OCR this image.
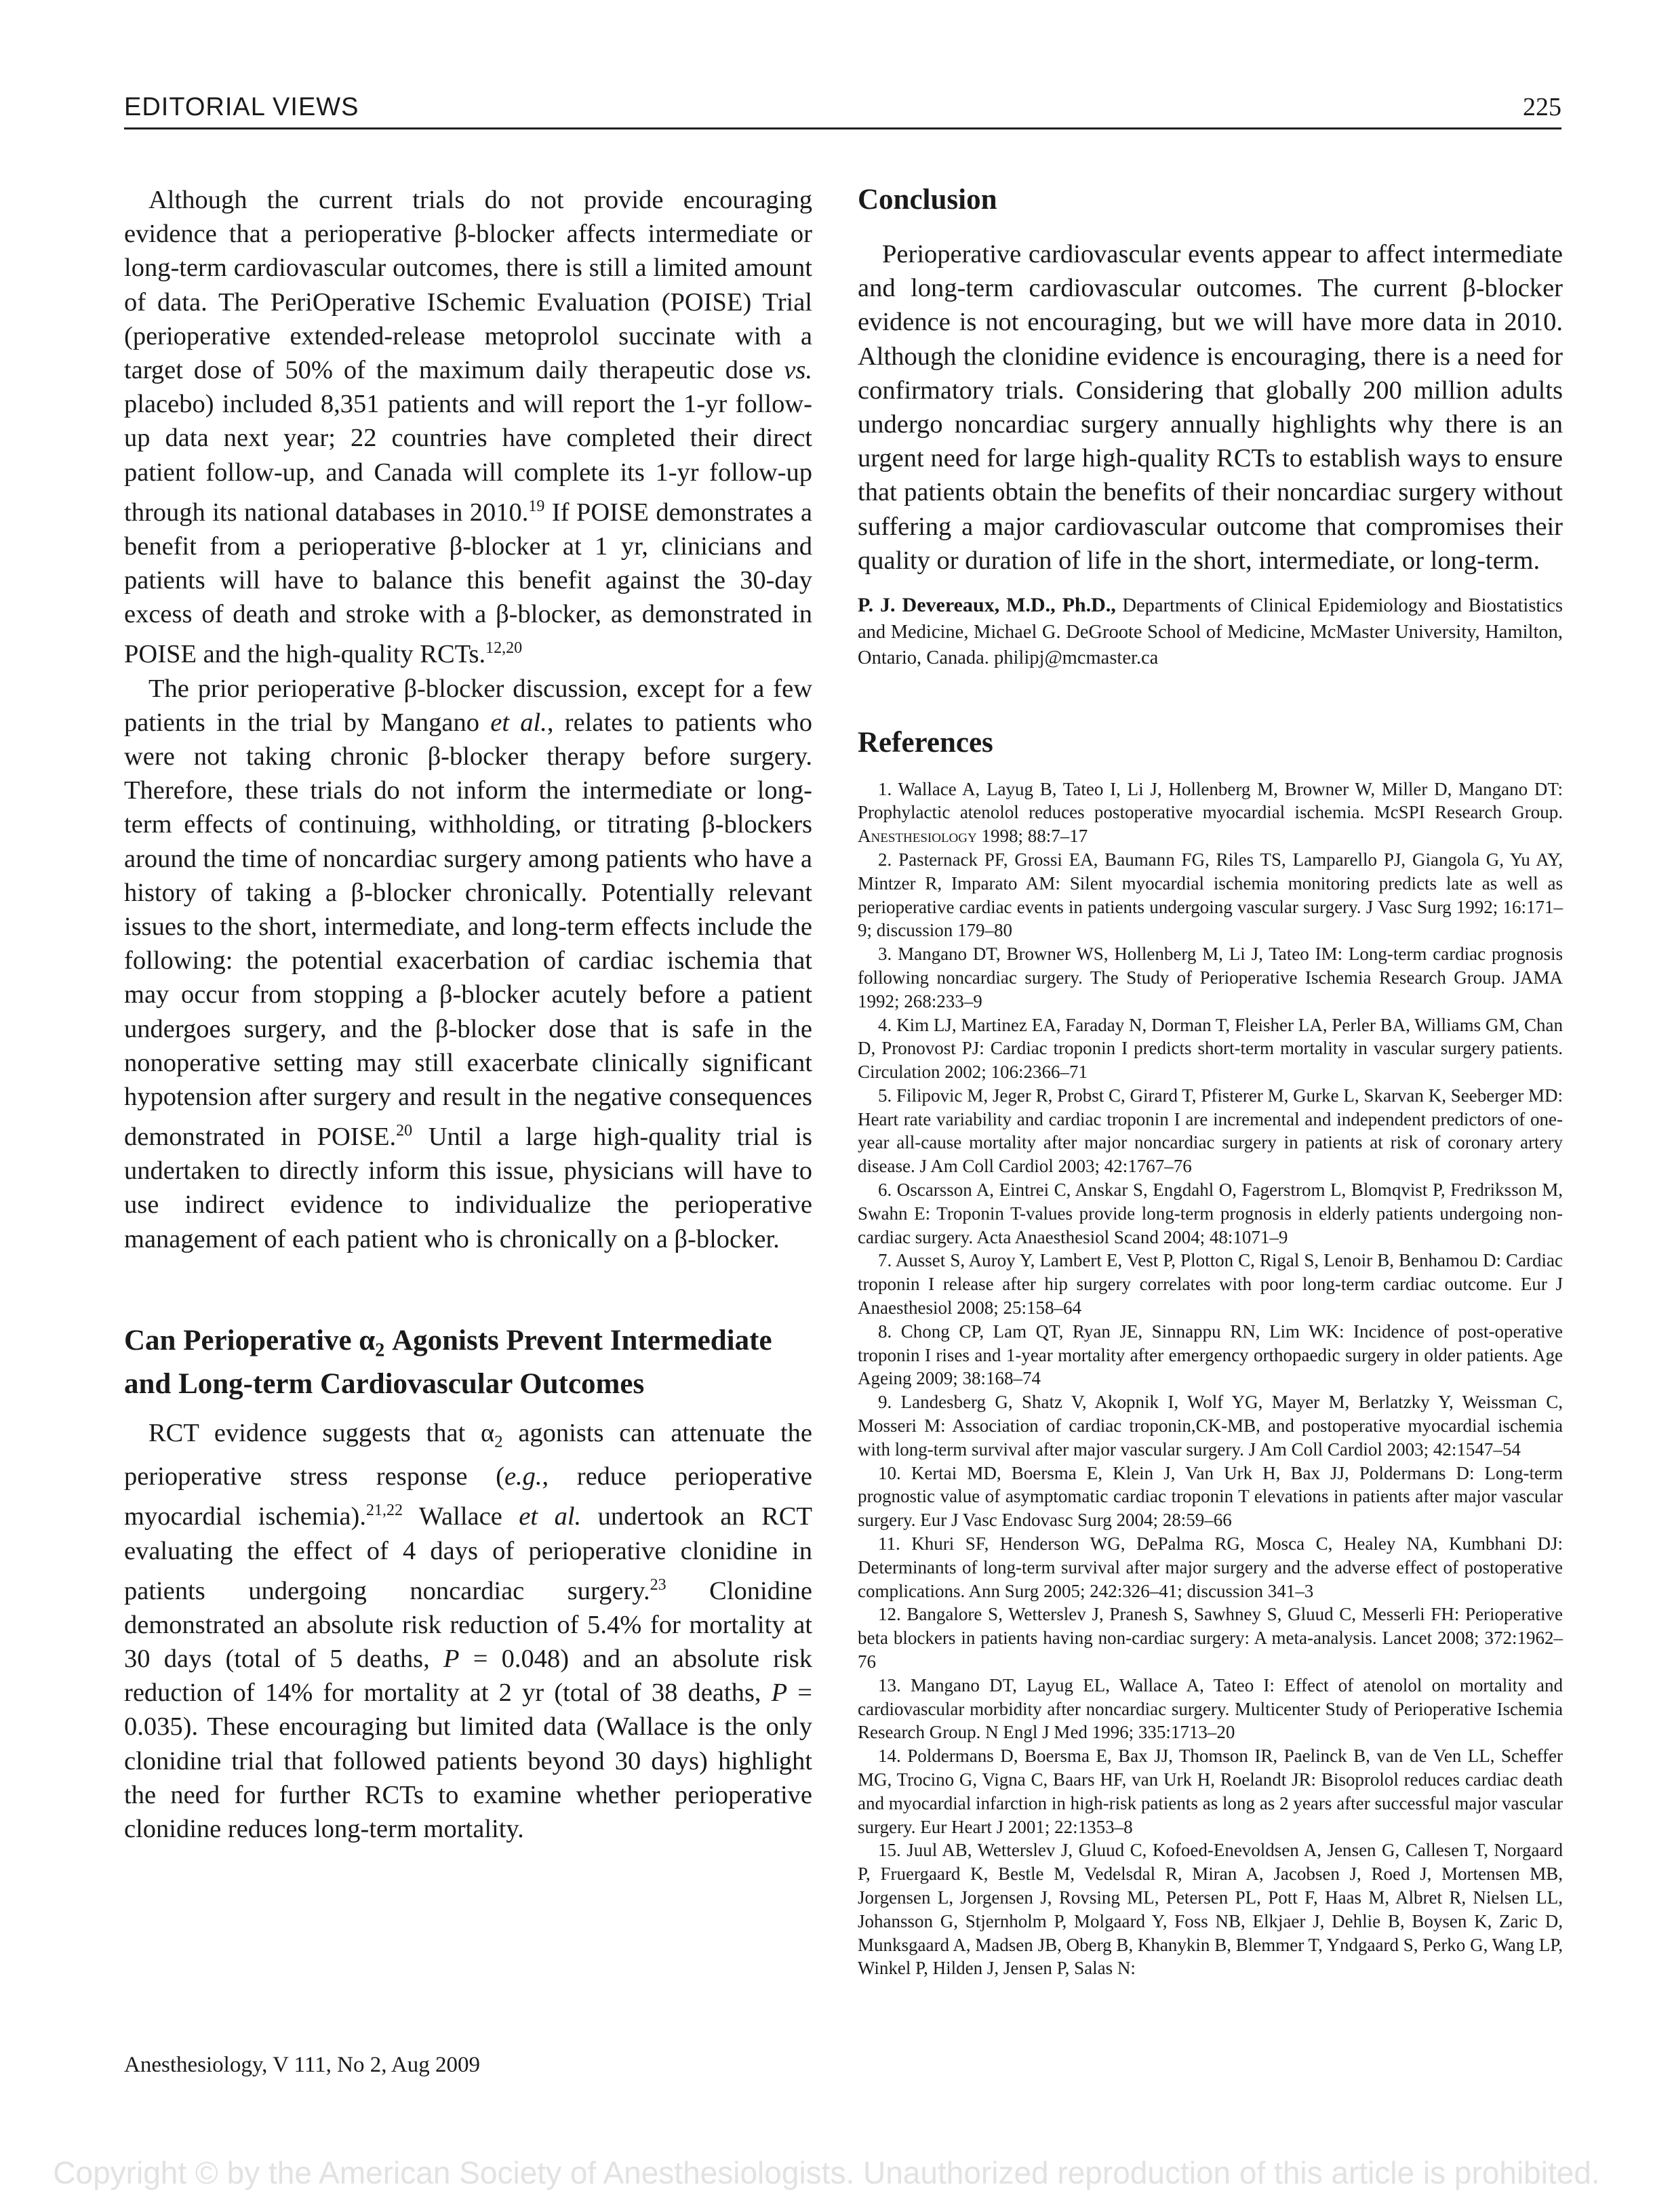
EDITORIAL VIEWS	225

Although the current trials do not provide encouraging evidence that a perioperative β-blocker affects intermediate or long-term cardiovascular outcomes, there is still a limited amount of data. The PeriOperative ISchemic Evaluation (POISE) Trial (perioperative extended-release metoprolol succinate with a target dose of 50% of the maximum daily therapeutic dose vs. placebo) included 8,351 patients and will report the 1-yr follow-up data next year; 22 countries have completed their direct patient follow-up, and Canada will complete its 1-yr follow-up through its national databases in 2010.19 If POISE demonstrates a benefit from a perioperative β-blocker at 1 yr, clinicians and patients will have to balance this benefit against the 30-day excess of death and stroke with a β-blocker, as demonstrated in POISE and the high-quality RCTs.$^{12,20}$

The prior perioperative β-blocker discussion, except for a few patients in the trial by Mangano et al., relates to patients who were not taking chronic β-blocker therapy before surgery. Therefore, these trials do not inform the intermediate or long-term effects of continuing, withholding, or titrating β-blockers around the time of noncardiac surgery among patients who have a history of taking a β-blocker chronically. Potentially relevant issues to the short, intermediate, and long-term effects include the following: the potential exacerbation of cardiac ischemia that may occur from stopping a β-blocker acutely before a patient undergoes surgery, and the β-blocker dose that is safe in the nonoperative setting may still exacerbate clinically significant hypotension after surgery and result in the negative consequences demonstrated in POISE.$^{20}$ Until a large high-quality trial is undertaken to directly inform this issue, physicians will have to use indirect evidence to individualize the perioperative management of each patient who is chronically on a β-blocker.

Can Perioperative $\alpha_2$ Agonists Prevent Intermediate and Long-term Cardiovascular Outcomes

RCT evidence suggests that $\alpha_2$ agonists can attenuate the perioperative stress response (e.g., reduce perioperative myocardial ischemia).$^{21,22}$ Wallace et al. undertook an RCT evaluating the effect of 4 days of perioperative clonidine in patients undergoing noncardiac surgery.$^{23}$ Clonidine demonstrated an absolute risk reduction of 5.4% for mortality at 30 days (total of 5 deaths, P = 0.048) and an absolute risk reduction of 14% for mortality at 2 yr (total of 38 deaths, P = 0.035). These encouraging but limited data (Wallace is the only clonidine trial that followed patients beyond 30 days) highlight the need for further RCTs to examine whether perioperative clonidine reduces long-term mortality.

Conclusion

Perioperative cardiovascular events appear to affect intermediate and long-term cardiovascular outcomes. The current β-blocker evidence is not encouraging, but we will have more data in 2010. Although the clonidine evidence is encouraging, there is a need for confirmatory trials. Considering that globally 200 million adults undergo noncardiac surgery annually highlights why there is an urgent need for large high-quality RCTs to establish ways to ensure that patients obtain the benefits of their noncardiac surgery without suffering a major cardiovascular outcome that compromises their quality or duration of life in the short, intermediate, or long-term.

P. J. Devereaux, M.D., Ph.D., Departments of Clinical Epidemiology and Biostatistics and Medicine, Michael G. DeGroote School of Medicine, McMaster University, Hamilton, Ontario, Canada. philipj@mcmaster.ca

References
1. Wallace A, Layug B, Tateo I, Li J, Hollenberg M, Browner W, Miller D, Mangano DT: Prophylactic atenolol reduces postoperative myocardial ischemia. McSPI Research Group. Anesthesiology 1998; 88:7–17
2. Pasternack PF, Grossi EA, Baumann FG, Riles TS, Lamparello PJ, Giangola G, Yu AY, Mintzer R, Imparato AM: Silent myocardial ischemia monitoring predicts late as well as perioperative cardiac events in patients undergoing vascular surgery. J Vasc Surg 1992; 16:171–9; discussion 179–80
3. Mangano DT, Browner WS, Hollenberg M, Li J, Tateo IM: Long-term cardiac prognosis following noncardiac surgery. The Study of Perioperative Ischemia Research Group. JAMA 1992; 268:233–9
4. Kim LJ, Martinez EA, Faraday N, Dorman T, Fleisher LA, Perler BA, Williams GM, Chan D, Pronovost PJ: Cardiac troponin I predicts short-term mortality in vascular surgery patients. Circulation 2002; 106:2366–71
5. Filipovic M, Jeger R, Probst C, Girard T, Pfisterer M, Gurke L, Skarvan K, Seeberger MD: Heart rate variability and cardiac troponin I are incremental and independent predictors of one-year all-cause mortality after major noncardiac surgery in patients at risk of coronary artery disease. J Am Coll Cardiol 2003; 42:1767–76
6. Oscarsson A, Eintrei C, Anskar S, Engdahl O, Fagerstrom L, Blomqvist P, Fredriksson M, Swahn E: Troponin T-values provide long-term prognosis in elderly patients undergoing non-cardiac surgery. Acta Anaesthesiol Scand 2004; 48:1071–9
7. Ausset S, Auroy Y, Lambert E, Vest P, Plotton C, Rigal S, Lenoir B, Benhamou D: Cardiac troponin I release after hip surgery correlates with poor long-term cardiac outcome. Eur J Anaesthesiol 2008; 25:158–64
8. Chong CP, Lam QT, Ryan JE, Sinnappu RN, Lim WK: Incidence of post-operative troponin I rises and 1-year mortality after emergency orthopaedic surgery in older patients. Age Ageing 2009; 38:168–74
9. Landesberg G, Shatz V, Akopnik I, Wolf YG, Mayer M, Berlatzky Y, Weissman C, Mosseri M: Association of cardiac troponin,CK-MB, and postoperative myocardial ischemia with long-term survival after major vascular surgery. J Am Coll Cardiol 2003; 42:1547–54
10. Kertai MD, Boersma E, Klein J, Van Urk H, Bax JJ, Poldermans D: Long-term prognostic value of asymptomatic cardiac troponin T elevations in patients after major vascular surgery. Eur J Vasc Endovasc Surg 2004; 28:59–66
11. Khuri SF, Henderson WG, DePalma RG, Mosca C, Healey NA, Kumbhani DJ: Determinants of long-term survival after major surgery and the adverse effect of postoperative complications. Ann Surg 2005; 242:326–41; discussion 341–3
12. Bangalore S, Wetterslev J, Pranesh S, Sawhney S, Gluud C, Messerli FH: Perioperative beta blockers in patients having non-cardiac surgery: A meta-analysis. Lancet 2008; 372:1962–76
13. Mangano DT, Layug EL, Wallace A, Tateo I: Effect of atenolol on mortality and cardiovascular morbidity after noncardiac surgery. Multicenter Study of Perioperative Ischemia Research Group. N Engl J Med 1996; 335:1713–20
14. Poldermans D, Boersma E, Bax JJ, Thomson IR, Paelinck B, van de Ven LL, Scheffer MG, Trocino G, Vigna C, Baars HF, van Urk H, Roelandt JR: Bisoprolol reduces cardiac death and myocardial infarction in high-risk patients as long as 2 years after successful major vascular surgery. Eur Heart J 2001; 22:1353–8
15. Juul AB, Wetterslev J, Gluud C, Kofoed-Enevoldsen A, Jensen G, Callesen T, Norgaard P, Fruergaard K, Bestle M, Vedelsdal R, Miran A, Jacobsen J, Roed J, Mortensen MB, Jorgensen L, Jorgensen J, Rovsing ML, Petersen PL, Pott F, Haas M, Albret R, Nielsen LL, Johansson G, Stjernholm P, Molgaard Y, Foss NB, Elkjaer J, Dehlie B, Boysen K, Zaric D, Munksgaard A, Madsen JB, Oberg B, Khanykin B, Blemmer T, Yndgaard S, Perko G, Wang LP, Winkel P, Hilden J, Jensen P, Salas N:
Anesthesiology, V 111, No 2, Aug 2009
Copyright © by the American Society of Anesthesiologists. Unauthorized reproduction of this article is prohibited.
